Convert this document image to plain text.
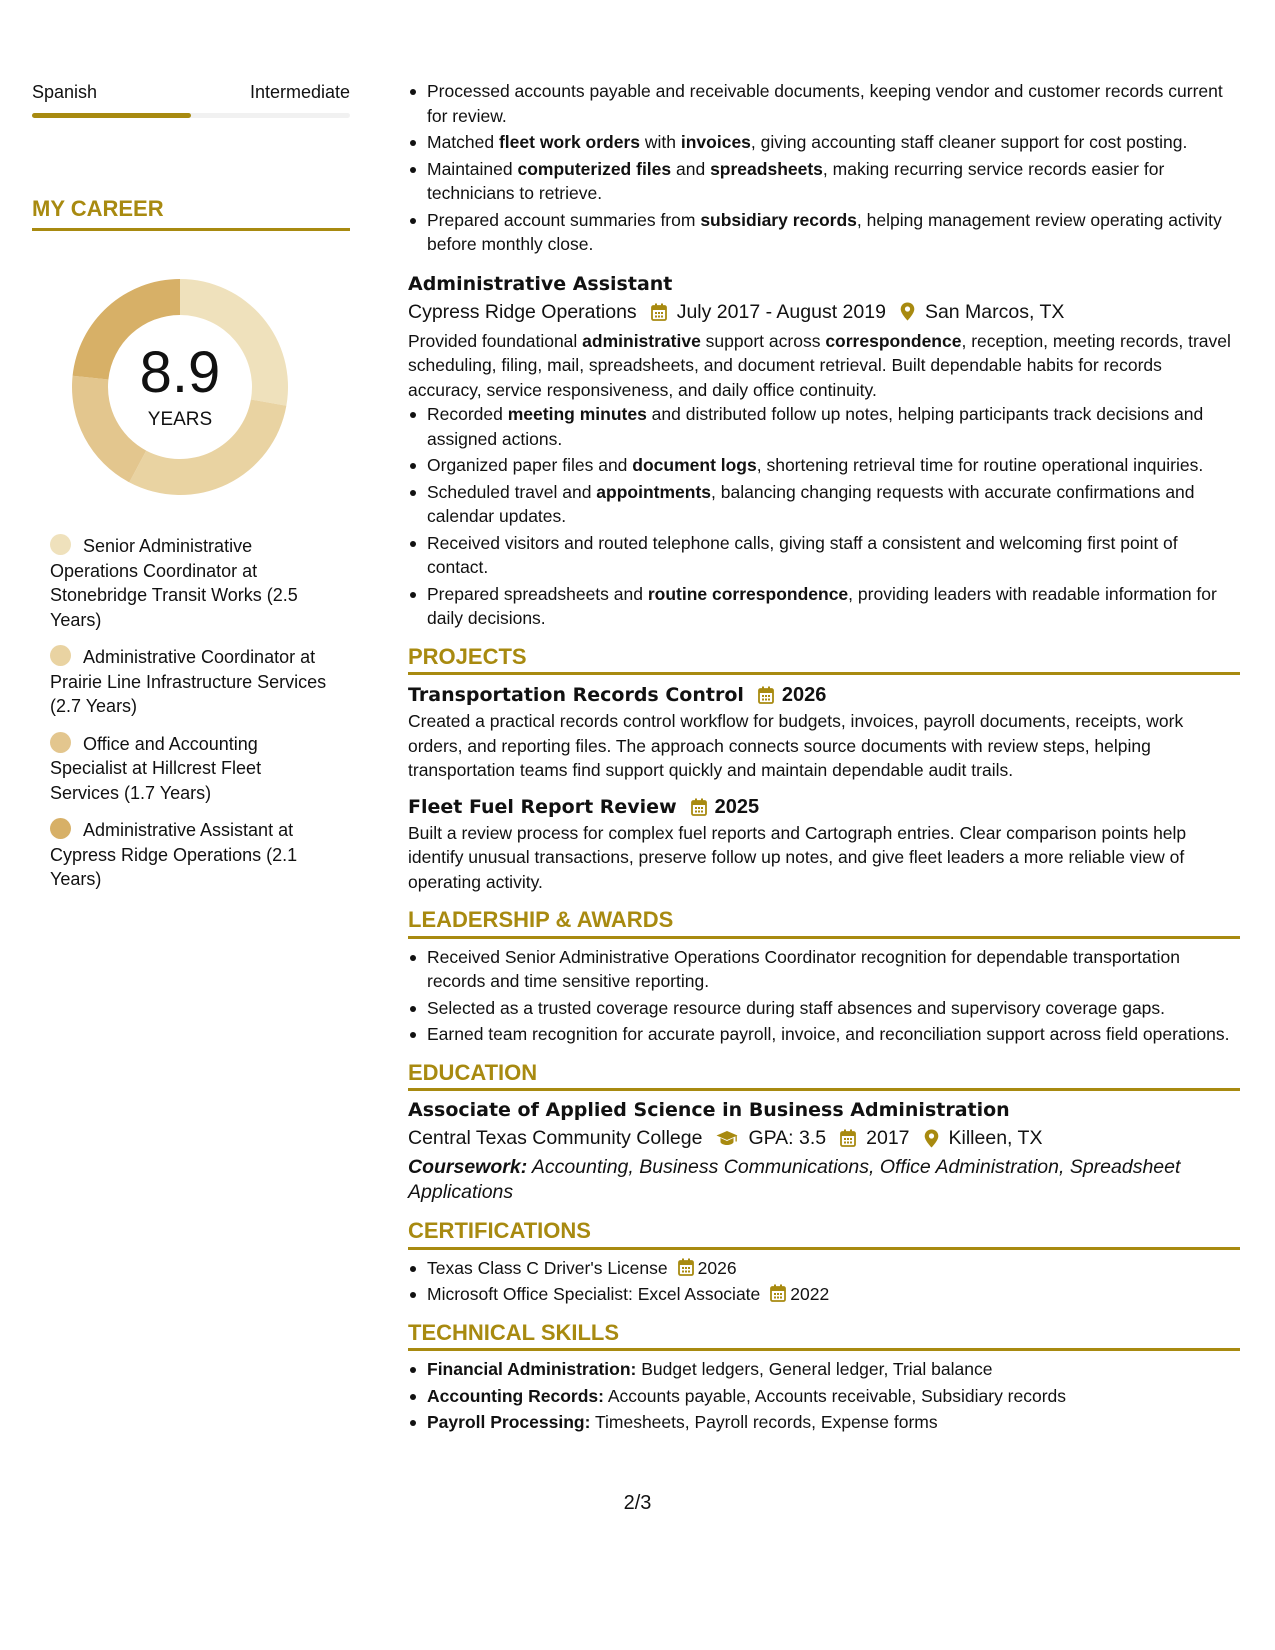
Spanish	Intermediate
MY CAREER
8.9
YEARS
Senior Administrative Operations Coordinator at Stonebridge Transit Works (2.5 Years)
Administrative Coordinator at Prairie Line Infrastructure Services (2.7 Years)
Office and Accounting Specialist at Hillcrest Fleet Services (1.7 Years)
Administrative Assistant at Cypress Ridge Operations (2.1 Years)
Processed accounts payable and receivable documents, keeping vendor and customer records current for review.
Matched fleet work orders with invoices, giving accounting staff cleaner support for cost posting.
Maintained computerized files and spreadsheets, making recurring service records easier for technicians to retrieve.
Prepared account summaries from subsidiary records, helping management review operating activity before monthly close.
Administrative Assistant
Cypress Ridge Operations July 2017 - August 2019 San Marcos, TX
Provided foundational administrative support across correspondence, reception, meeting records, travel scheduling, filing, mail, spreadsheets, and document retrieval. Built dependable habits for records accuracy, service responsiveness, and daily office continuity.
Recorded meeting minutes and distributed follow up notes, helping participants track decisions and assigned actions.
Organized paper files and document logs, shortening retrieval time for routine operational inquiries.
Scheduled travel and appointments, balancing changing requests with accurate confirmations and calendar updates.
Received visitors and routed telephone calls, giving staff a consistent and welcoming first point of contact.
Prepared spreadsheets and routine correspondence, providing leaders with readable information for daily decisions.
PROJECTS
Transportation Records Control 2026
Created a practical records control workflow for budgets, invoices, payroll documents, receipts, work orders, and reporting files. The approach connects source documents with review steps, helping transportation teams find support quickly and maintain dependable audit trails.
Fleet Fuel Report Review 2025
Built a review process for complex fuel reports and Cartograph entries. Clear comparison points help identify unusual transactions, preserve follow up notes, and give fleet leaders a more reliable view of operating activity.
LEADERSHIP & AWARDS
Received Senior Administrative Operations Coordinator recognition for dependable transportation records and time sensitive reporting.
Selected as a trusted coverage resource during staff absences and supervisory coverage gaps.
Earned team recognition for accurate payroll, invoice, and reconciliation support across field operations.
EDUCATION
Associate of Applied Science in Business Administration
Central Texas Community College GPA: 3.5 2017 Killeen, TX
Coursework: Accounting, Business Communications, Office Administration, Spreadsheet Applications
CERTIFICATIONS
Texas Class C Driver's License 2026
Microsoft Office Specialist: Excel Associate 2022
TECHNICAL SKILLS
Financial Administration: Budget ledgers, General ledger, Trial balance
Accounting Records: Accounts payable, Accounts receivable, Subsidiary records
Payroll Processing: Timesheets, Payroll records, Expense forms
2/3
